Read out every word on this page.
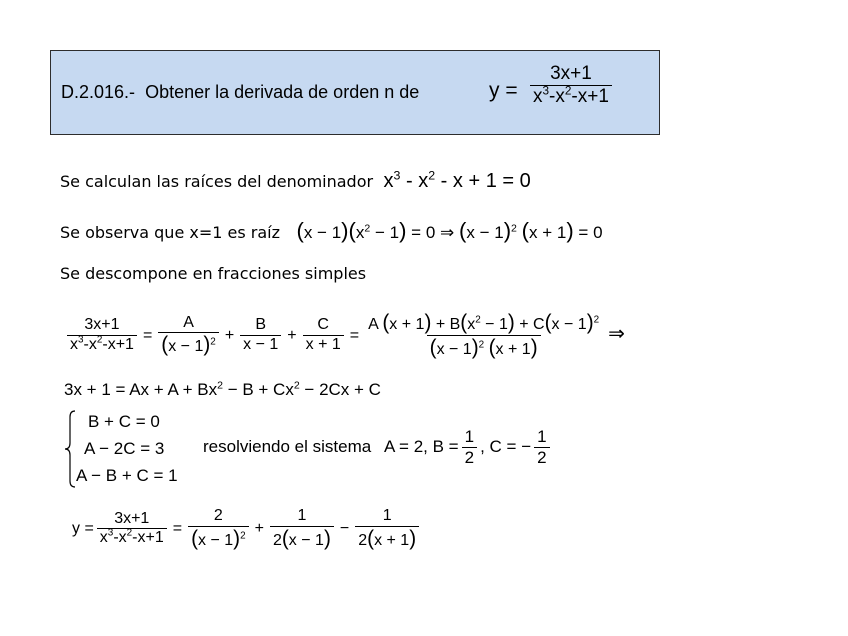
D.2.016.- Obtener la derivada de orden n de	$y = \frac{3x+1}{x^3-x^2-x+1}$
Se calculan las raíces del denominador $x^3 - x^2 - x + 1 = 0$
Se observa que x=1 es raíz $(x - 1)(x^2 - 1) = 0$ ⇒ $(x - 1)^2$ (x + 1) = 0
Se descompone en fracciones simples
$\frac{3x+1}{x^3-x^2-x+1} = \frac{A}{(x - 1)^2} + \frac{B}{x - 1} + \frac{C}{x + 1} = \frac{A (x + 1) + B(x^2 - 1) + C(x - 1)^2}{(x - 1)^2 (x + 1)}$ ⇒
$3x + 1 = Ax + A + Bx^2 - B + Cx^2 - 2Cx + C$
B + C = 0
A − 2C = 3
A − B + C = 1
resolviendo el sistema A = 2, $B = \frac{1}{2}$ , C = − $\frac{1}{2}$
$y = \frac{3x+1}{x^3-x^2-x+1} = \frac{2}{(x - 1)^2} + \frac{1}{2(x - 1)} - \frac{1}{2(x + 1)}$
